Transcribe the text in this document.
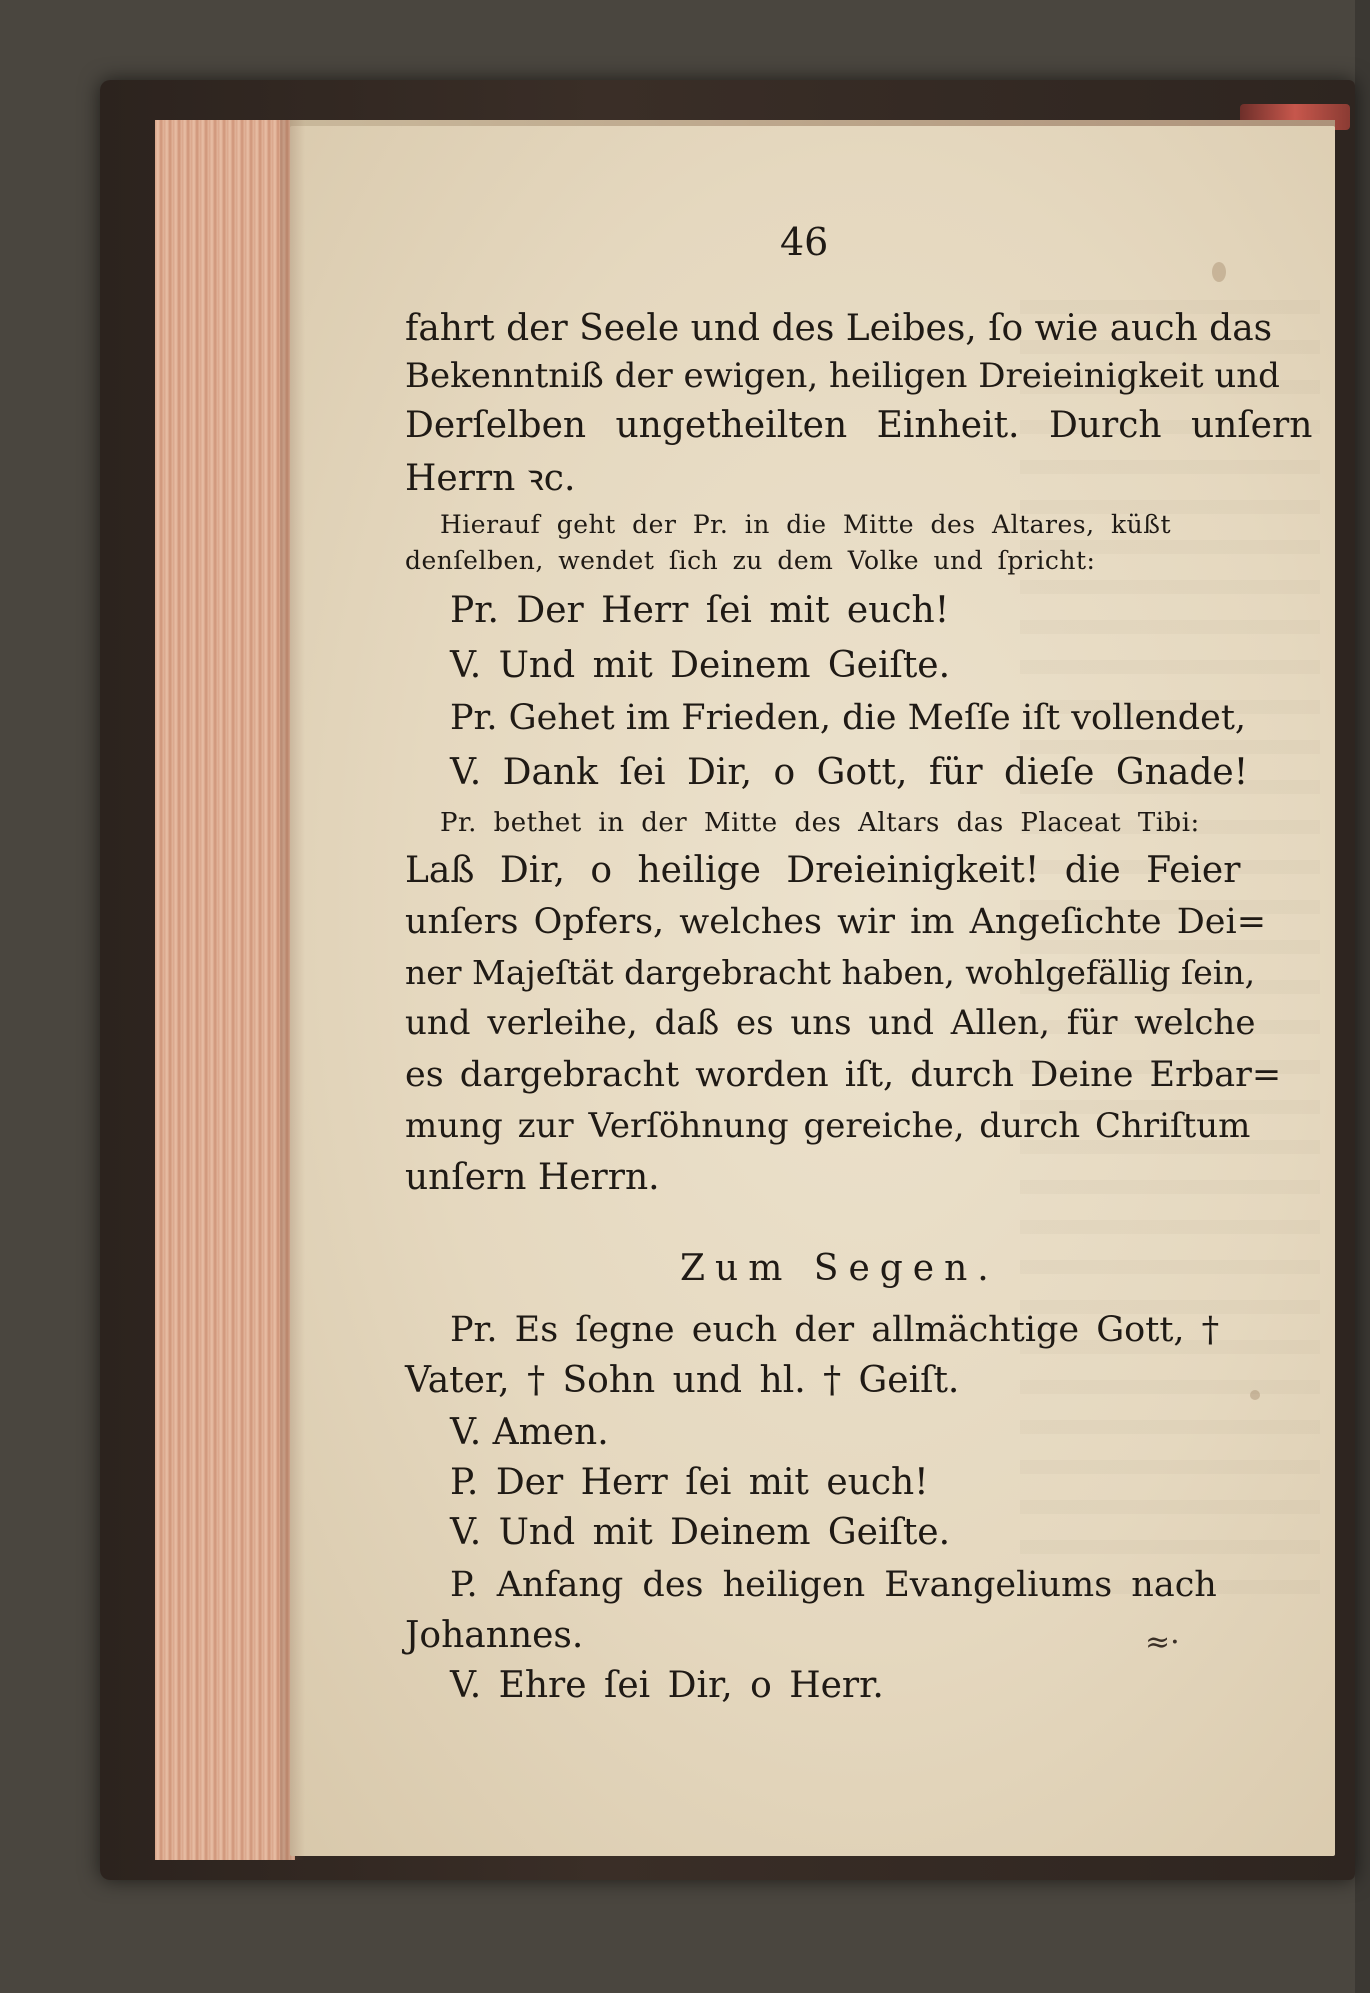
46
fahrt der Seele und des Leibes, ſo wie auch das
Bekenntniß der ewigen, heiligen Dreieinigkeit und
Derſelben ungetheilten Einheit. Durch unſern
Herrn ꝛc.
Hierauf geht der Pr. in die Mitte des Altares, küßt
denſelben, wendet ſich zu dem Volke und ſpricht:
Pr. Der Herr ſei mit euch!
V. Und mit Deinem Geiſte.
Pr. Gehet im Frieden, die Meſſe iſt vollendet,
V. Dank ſei Dir, o Gott, für dieſe Gnade!
Pr. bethet in der Mitte des Altars das Placeat Tibi:
Laß Dir, o heilige Dreieinigkeit! die Feier
unſers Opfers, welches wir im Angeſichte Dei=
ner Majeſtät dargebracht haben, wohlgefällig ſein,
und verleihe, daß es uns und Allen, für welche
es dargebracht worden iſt, durch Deine Erbar=
mung zur Verſöhnung gereiche, durch Chriſtum
unſern Herrn.
Zum Segen.
Pr. Es ſegne euch der allmächtige Gott, †
Vater, † Sohn und hl. † Geiſt.
V. Amen.
P. Der Herr ſei mit euch!
V. Und mit Deinem Geiſte.
P. Anfang des heiligen Evangeliums nach
Johannes.
V. Ehre ſei Dir, o Herr.
≈·
